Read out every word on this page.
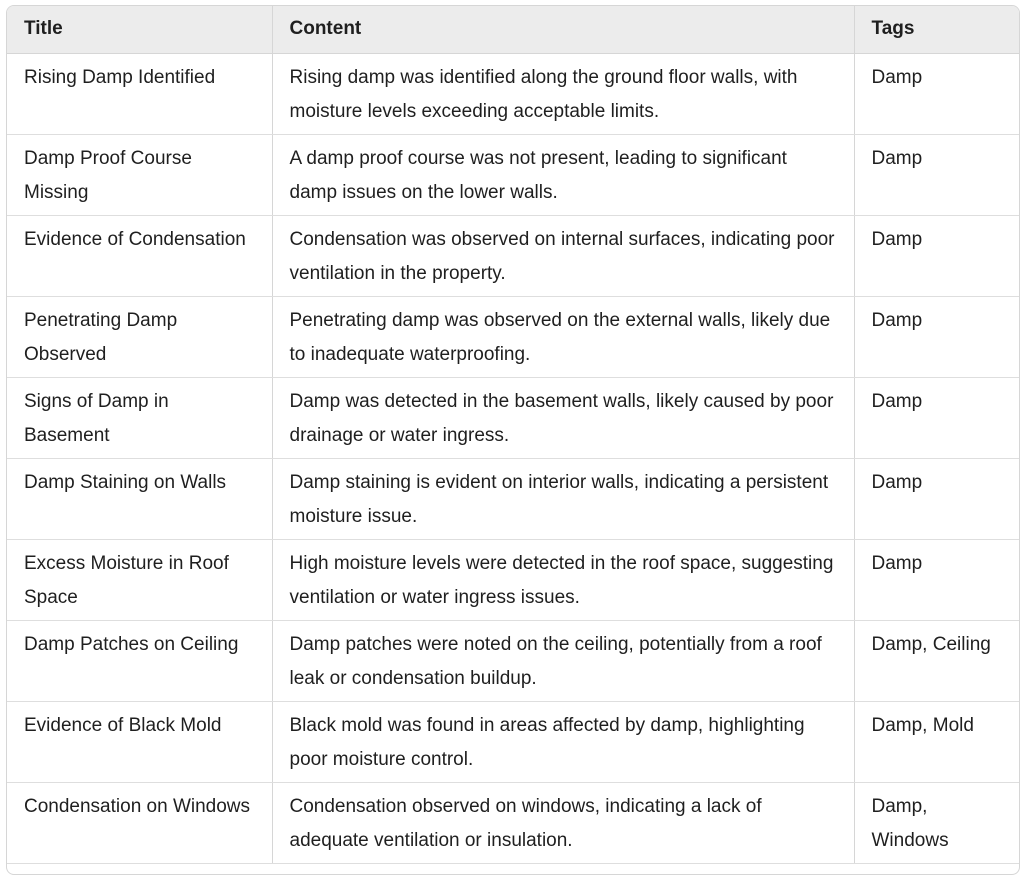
Title	Content	Tags
Rising Damp Identified	Rising damp was identified along the ground floor walls, with moisture levels exceeding acceptable limits.	Damp
Damp Proof Course Missing	A damp proof course was not present, leading to significant damp issues on the lower walls.	Damp
Evidence of Condensation	Condensation was observed on internal surfaces, indicating poor ventilation in the property.	Damp
Penetrating Damp Observed	Penetrating damp was observed on the external walls, likely due to inadequate waterproofing.	Damp
Signs of Damp in Basement	Damp was detected in the basement walls, likely caused by poor drainage or water ingress.	Damp
Damp Staining on Walls	Damp staining is evident on interior walls, indicating a persistent moisture issue.	Damp
Excess Moisture in Roof Space	High moisture levels were detected in the roof space, suggesting ventilation or water ingress issues.	Damp
Damp Patches on Ceiling	Damp patches were noted on the ceiling, potentially from a roof leak or condensation buildup.	Damp, Ceiling
Evidence of Black Mold	Black mold was found in areas affected by damp, highlighting poor moisture control.	Damp, Mold
Condensation on Windows	Condensation observed on windows, indicating a lack of adequate ventilation or insulation.	Damp, Windows
